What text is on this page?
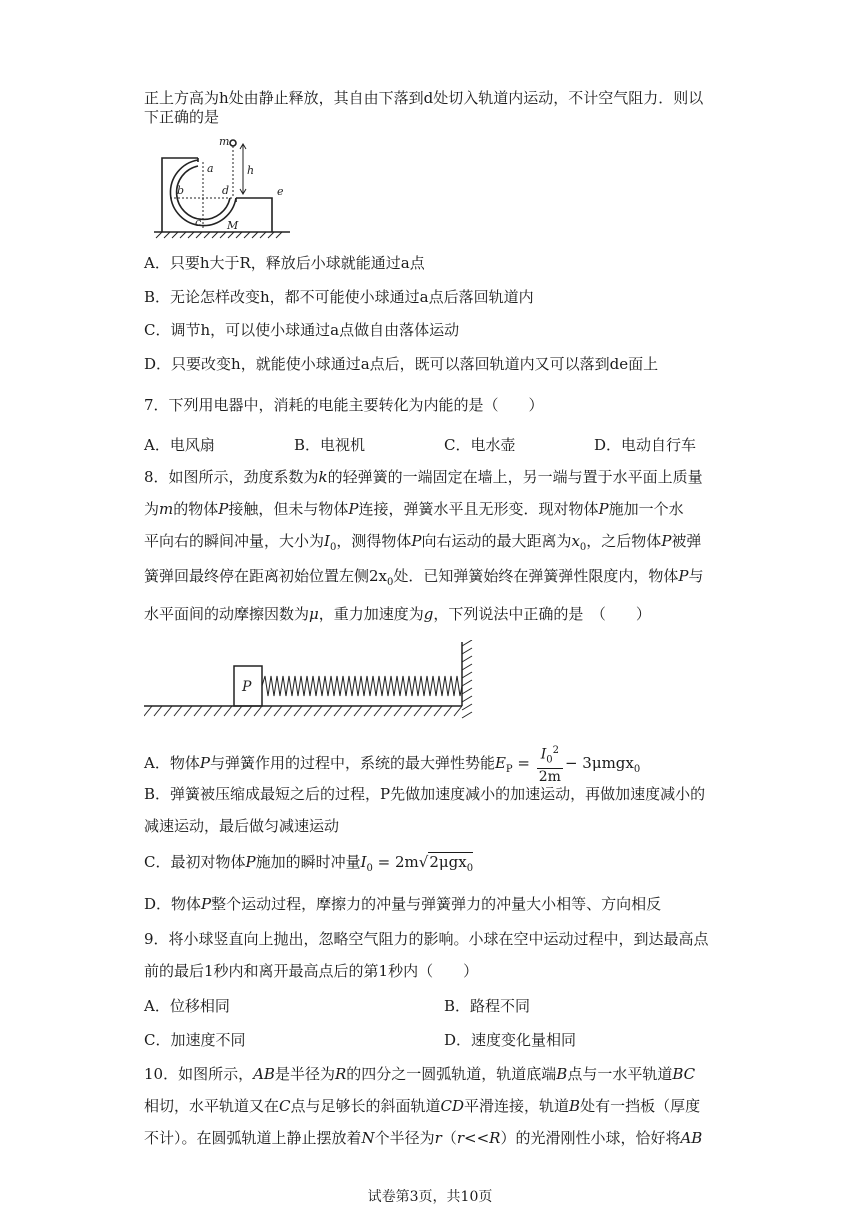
正上方高为h处由静止释放，其自由下落到d处切入轨道内运动，不计空气阻力．则以
下正确的是
m
h
a
b
c
d	e
M
A．只要h大于R，释放后小球就能通过a点
B．无论怎样改变h，都不可能使小球通过a点后落回轨道内
C．调节h，可以使小球通过a点做自由落体运动
D．只要改变h，就能使小球通过a点后，既可以落回轨道内又可以落到de面上
7．下列用电器中，消耗的电能主要转化为内能的是（　　）
A．电风扇	B．电视机	C．电水壶	D．电动自行车
8．如图所示，劲度系数为k的轻弹簧的一端固定在墙上，另一端与置于水平面上质量
为m的物体P接触，但未与物体P连接，弹簧水平且无形变．现对物体P施加一个水
平向右的瞬间冲量，大小为$I_0$，测得物体P向右运动的最大距离为$x_0$，之后物体P被弹
簧弹回最终停在距离初始位置左侧$2x_0$处．已知弹簧始终在弹簧弹性限度内，物体P与
水平面间的动摩擦因数为μ，重力加速度为g，下列说法中正确的是　（　　）
P
A．物体P与弹簧作用的过程中，系统的最大弹性势能$E_P = \frac{I_0^2}{2m} - 3\mu mgx_0$
B．弹簧被压缩成最短之后的过程，P先做加速度减小的加速运动，再做加速度减小的
减速运动，最后做匀减速运动
C．最初对物体P施加的瞬时冲量$I_0 = 2m√2\mu gx_0$
D．物体P整个运动过程，摩擦力的冲量与弹簧弹力的冲量大小相等、方向相反
9．将小球竖直向上抛出，忽略空气阻力的影响。小球在空中运动过程中，到达最高点
前的最后1秒内和离开最高点后的第1秒内（　　）
A．位移相同	B．路程不同
C．加速度不同	D．速度变化量相同
10．如图所示，AB是半径为R的四分之一圆弧轨道，轨道底端B点与一水平轨道BC
相切，水平轨道又在C点与足够长的斜面轨道CD平滑连接，轨道B处有一挡板（厚度
不计）。在圆弧轨道上静止摆放着N个半径为r（r<<R）的光滑刚性小球，恰好将AB
试卷第3页，共10页
